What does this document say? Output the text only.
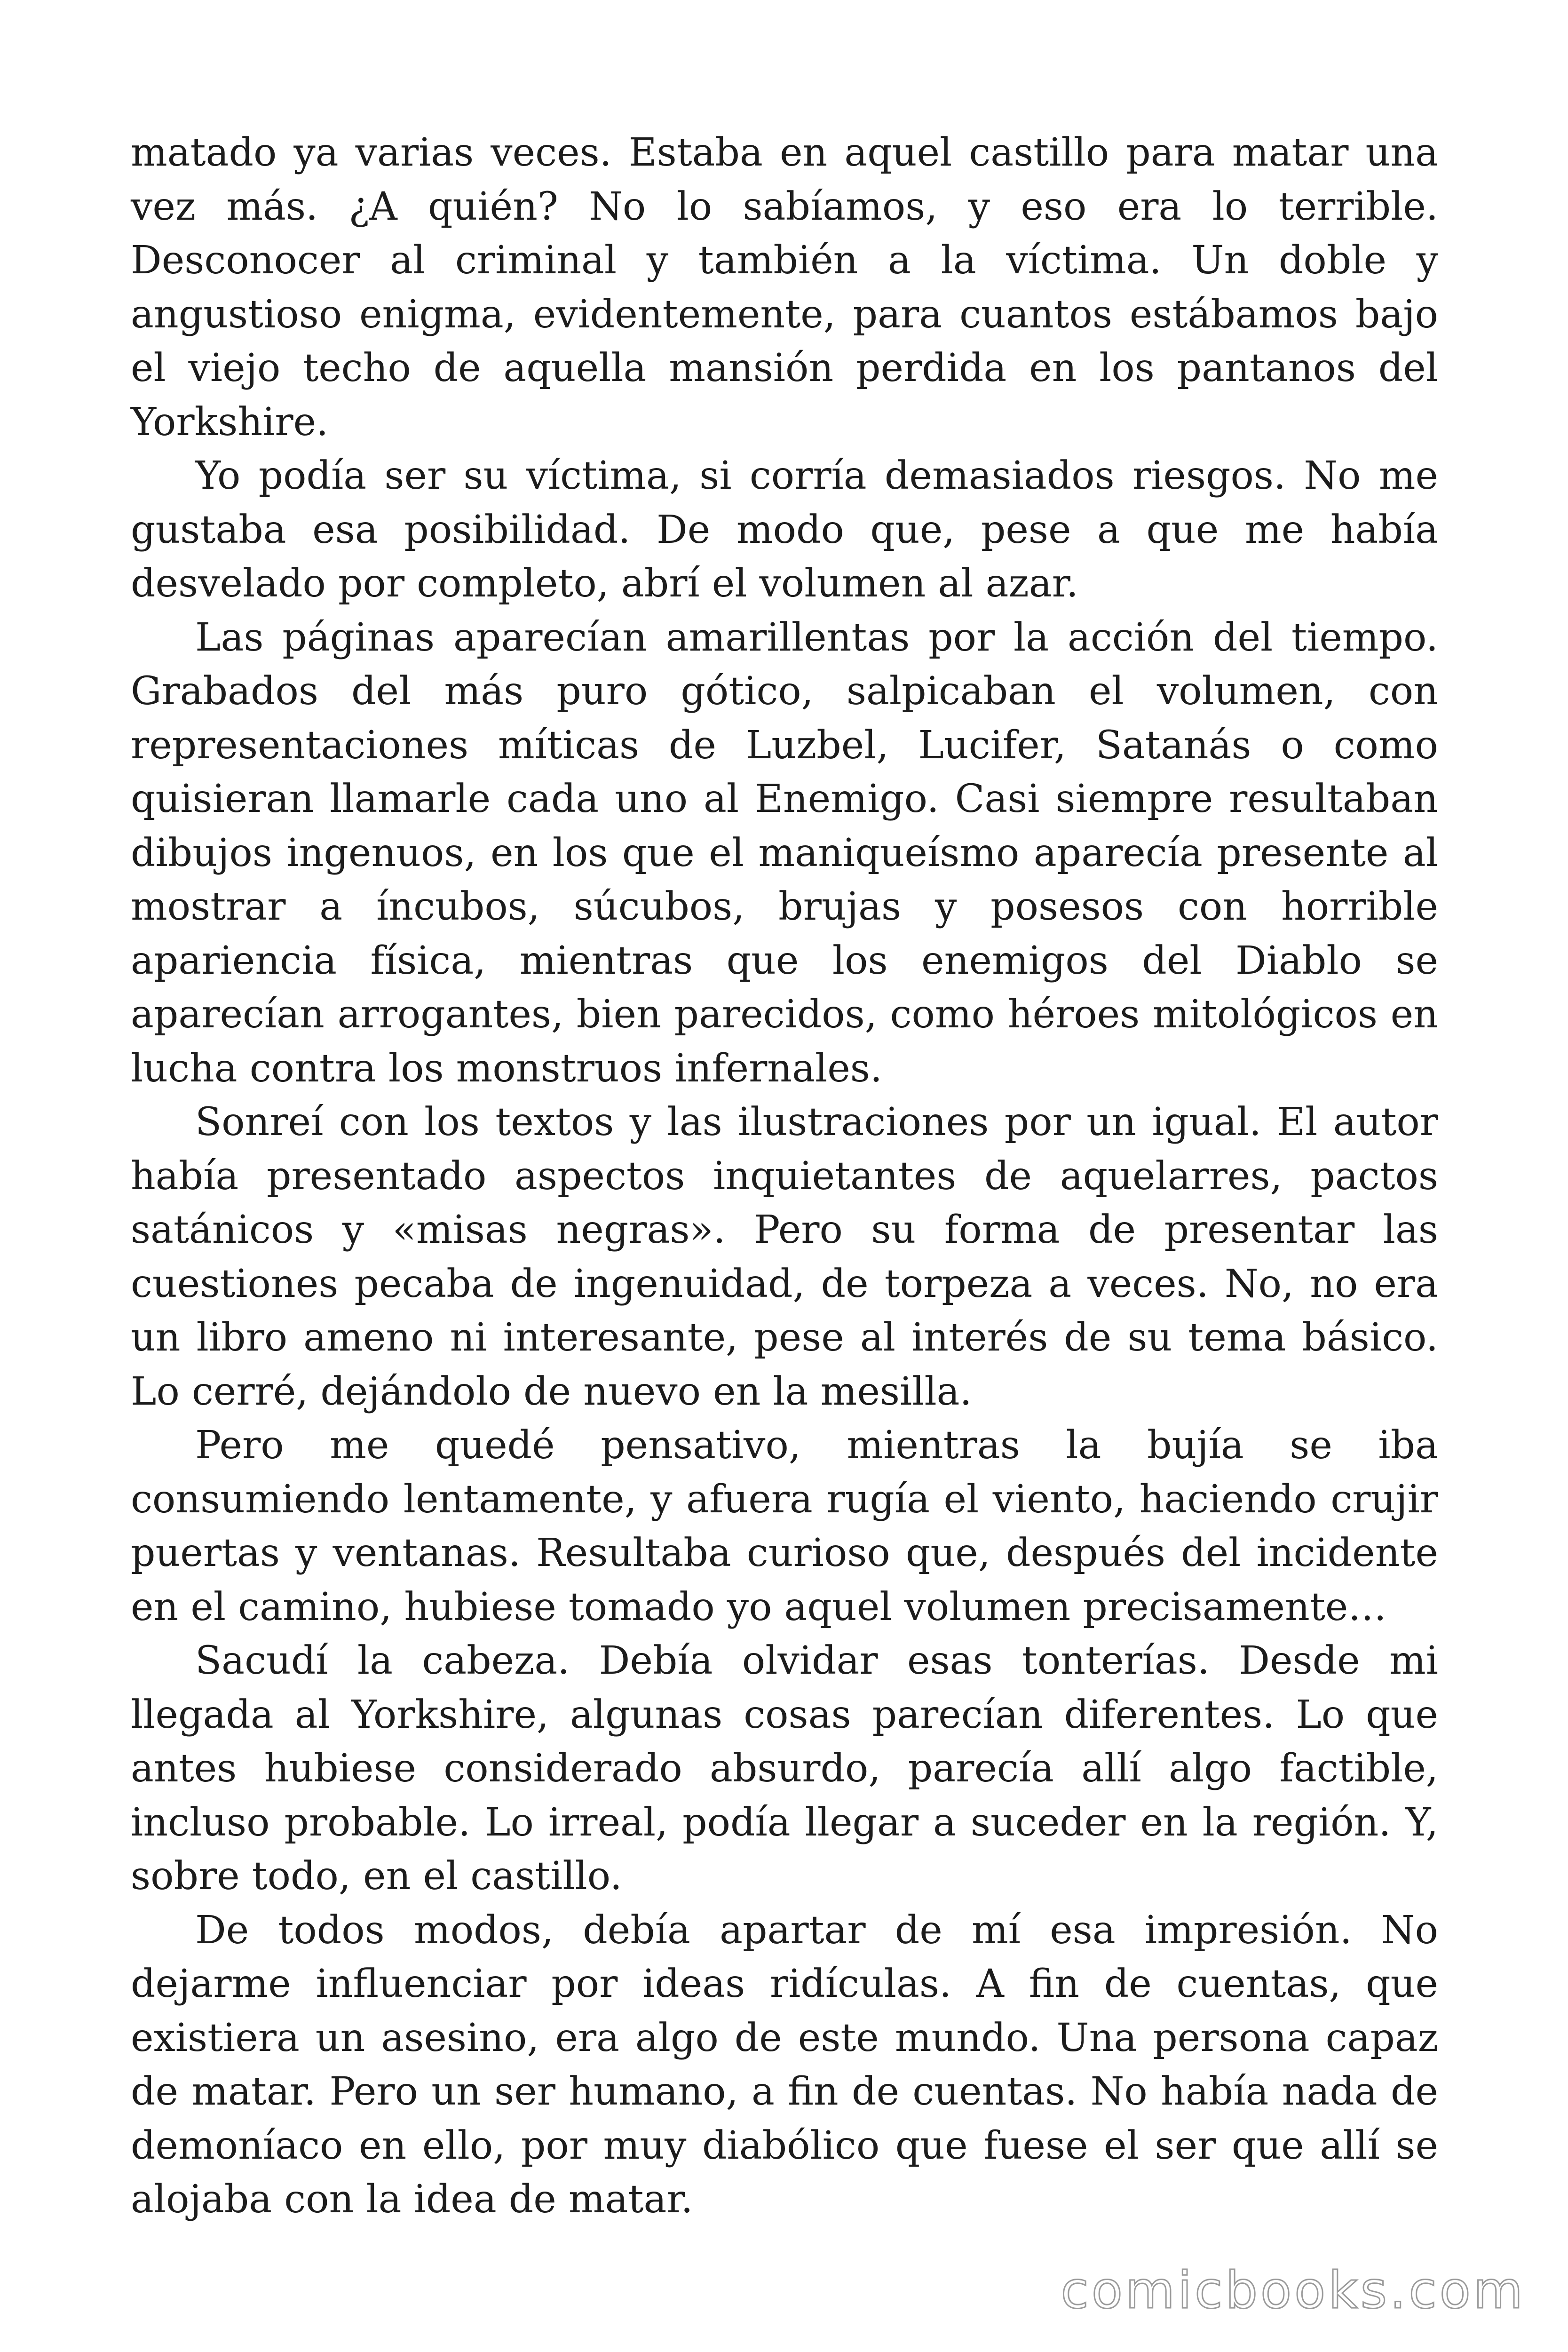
matado ya varias veces. Estaba en aquel castillo para matar una vez más. ¿A quién? No lo sabíamos, y eso era lo terrible. Desconocer al criminal y también a la víctima. Un doble y angustioso enigma, evidentemente, para cuantos estábamos bajo el viejo techo de aquella mansión perdida en los pantanos del Yorkshire.

Yo podía ser su víctima, si corría demasiados riesgos. No me gustaba esa posibilidad. De modo que, pese a que me había desvelado por completo, abrí el volumen al azar.

Las páginas aparecían amarillentas por la acción del tiempo. Grabados del más puro gótico, salpicaban el volumen, con representaciones míticas de Luzbel, Lucifer, Satanás o como quisieran llamarle cada uno al Enemigo. Casi siempre resultaban dibujos ingenuos, en los que el maniqueísmo aparecía presente al mostrar a íncubos, súcubos, brujas y posesos con horrible apariencia física, mientras que los enemigos del Diablo se aparecían arrogantes, bien parecidos, como héroes mitológicos en lucha contra los monstruos infernales.

Sonreí con los textos y las ilustraciones por un igual. El autor había presentado aspectos inquietantes de aquelarres, pactos satánicos y «misas negras». Pero su forma de presentar las cuestiones pecaba de ingenuidad, de torpeza a veces. No, no era un libro ameno ni interesante, pese al interés de su tema básico. Lo cerré, dejándolo de nuevo en la mesilla.

Pero me quedé pensativo, mientras la bujía se iba consumiendo lentamente, y afuera rugía el viento, haciendo crujir puertas y ventanas. Resultaba curioso que, después del incidente en el camino, hubiese tomado yo aquel volumen precisamente…

Sacudí la cabeza. Debía olvidar esas tonterías. Desde mi llegada al Yorkshire, algunas cosas parecían diferentes. Lo que antes hubiese considerado absurdo, parecía allí algo factible, incluso probable. Lo irreal, podía llegar a suceder en la región. Y, sobre todo, en el castillo.

De todos modos, debía apartar de mí esa impresión. No dejarme influenciar por ideas ridículas. A fin de cuentas, que existiera un asesino, era algo de este mundo. Una persona capaz de matar. Pero un ser humano, a fin de cuentas. No había nada de demoníaco en ello, por muy diabólico que fuese el ser que allí se alojaba con la idea de matar.

comicbooks.com
